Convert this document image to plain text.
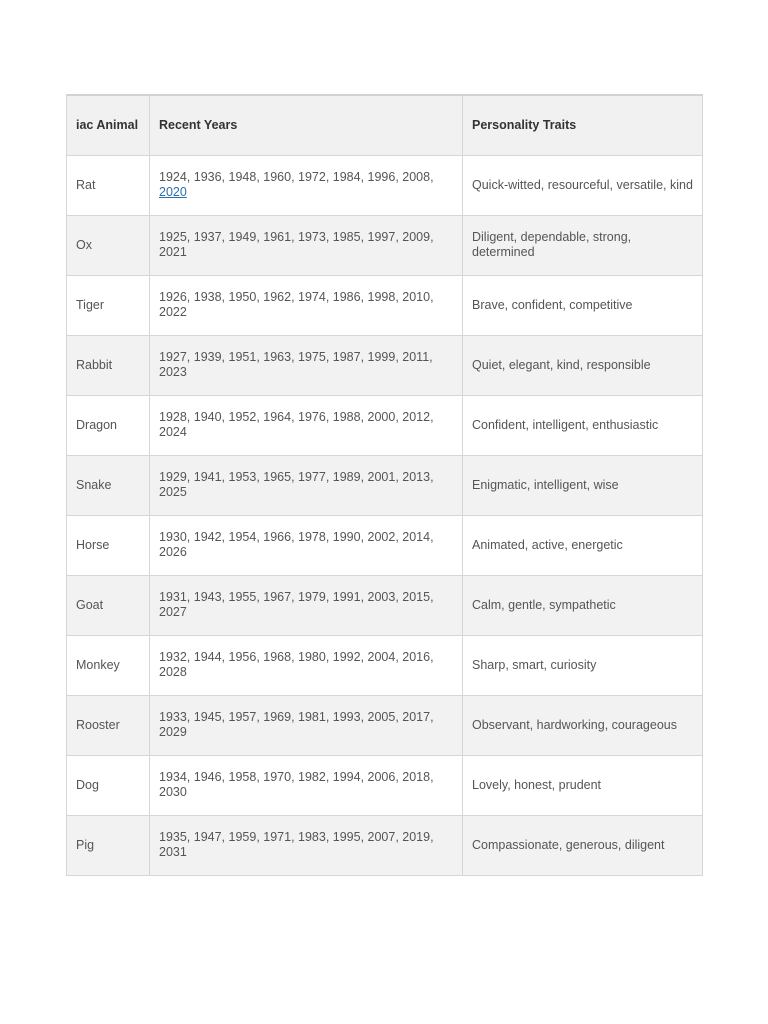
iac Animal	Recent Years	Personality Traits
Rat	1924, 1936, 1948, 1960, 1972, 1984, 1996, 2008, 2020	Quick-witted, resourceful, versatile, kind
Ox	1925, 1937, 1949, 1961, 1973, 1985, 1997, 2009, 2021	Diligent, dependable, strong, determined
Tiger	1926, 1938, 1950, 1962, 1974, 1986, 1998, 2010, 2022	Brave, confident, competitive
Rabbit	1927, 1939, 1951, 1963, 1975, 1987, 1999, 2011, 2023	Quiet, elegant, kind, responsible
Dragon	1928, 1940, 1952, 1964, 1976, 1988, 2000, 2012, 2024	Confident, intelligent, enthusiastic
Snake	1929, 1941, 1953, 1965, 1977, 1989, 2001, 2013, 2025	Enigmatic, intelligent, wise
Horse	1930, 1942, 1954, 1966, 1978, 1990, 2002, 2014, 2026	Animated, active, energetic
Goat	1931, 1943, 1955, 1967, 1979, 1991, 2003, 2015, 2027	Calm, gentle, sympathetic
Monkey	1932, 1944, 1956, 1968, 1980, 1992, 2004, 2016, 2028	Sharp, smart, curiosity
Rooster	1933, 1945, 1957, 1969, 1981, 1993, 2005, 2017, 2029	Observant, hardworking, courageous
Dog	1934, 1946, 1958, 1970, 1982, 1994, 2006, 2018, 2030	Lovely, honest, prudent
Pig	1935, 1947, 1959, 1971, 1983, 1995, 2007, 2019, 2031	Compassionate, generous, diligent
